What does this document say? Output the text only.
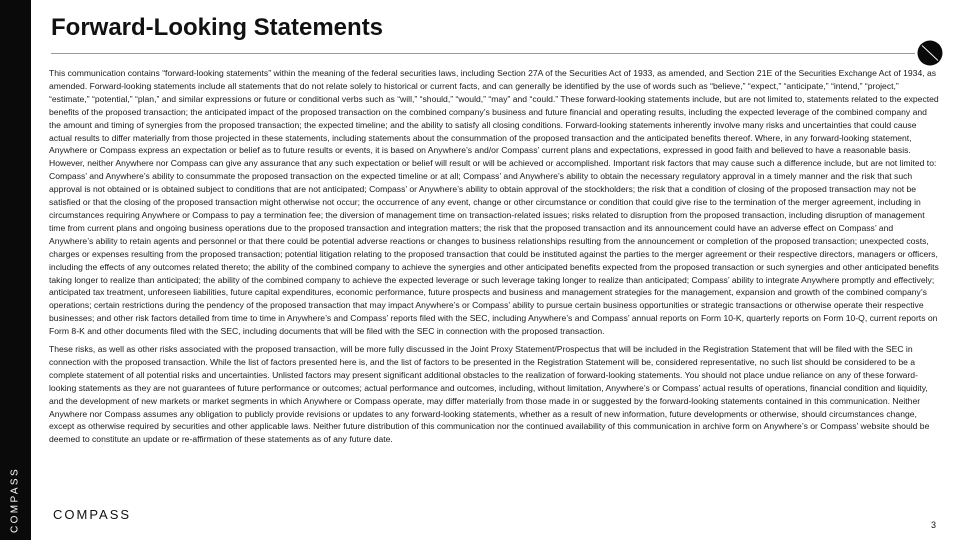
COMPASS
Forward-Looking Statements

This communication contains “forward-looking statements” within the meaning of the federal securities laws, including Section 27A of the Securities Act of 1933, as amended, and Section 21E of the Securities Exchange Act of 1934, as amended. Forward-looking statements include all statements that do not relate solely to historical or current facts, and can generally be identified by the use of words such as “believe,” “expect,” “anticipate,” “intend,” “project,” “estimate,” “potential,” “plan,” and similar expressions or future or conditional verbs such as “will,” “should,” “would,” “may” and “could.” These forward-looking statements include, but are not limited to, statements related to the expected benefits of the proposed transaction; the anticipated impact of the proposed transaction on the combined company’s business and future financial and operating results, including the expected leverage of the combined company and the amount and timing of synergies from the proposed transaction; the expected timeline; and the ability to satisfy all closing conditions. Forward-looking statements inherently involve many risks and uncertainties that could cause actual results to differ materially from those projected in these statements, including statements about the consummation of the proposed transaction and the anticipated benefits thereof. Where, in any forward-looking statement, Anywhere or Compass express an expectation or belief as to future results or events, it is based on Anywhere’s and/or Compass’ current plans and expectations, expressed in good faith and believed to have a reasonable basis. However, neither Anywhere nor Compass can give any assurance that any such expectation or belief will result or will be achieved or accomplished. Important risk factors that may cause such a difference include, but are not limited to: Compass’ and Anywhere’s ability to consummate the proposed transaction on the expected timeline or at all; Compass’ and Anywhere’s ability to obtain the necessary regulatory approval in a timely manner and the risk that such approval is not obtained or is obtained subject to conditions that are not anticipated; Compass’ or Anywhere’s ability to obtain approval of the stockholders; the risk that a condition of closing of the proposed transaction may not be satisfied or that the closing of the proposed transaction might otherwise not occur; the occurrence of any event, change or other circumstance or condition that could give rise to the termination of the merger agreement, including in circumstances requiring Anywhere or Compass to pay a termination fee; the diversion of management time on transaction-related issues; risks related to disruption from the proposed transaction, including disruption of management time from current plans and ongoing business operations due to the proposed transaction and integration matters; the risk that the proposed transaction and its announcement could have an adverse effect on Compass’ and Anywhere’s ability to retain agents and personnel or that there could be potential adverse reactions or changes to business relationships resulting from the announcement or completion of the proposed transaction; unexpected costs, charges or expenses resulting from the proposed transaction; potential litigation relating to the proposed transaction that could be instituted against the parties to the merger agreement or their respective directors, managers or officers, including the effects of any outcomes related thereto; the ability of the combined company to achieve the synergies and other anticipated benefits expected from the proposed transaction or such synergies and other anticipated benefits taking longer to realize than anticipated; the ability of the combined company to achieve the expected leverage or such leverage taking longer to realize than anticipated; Compass’ ability to integrate Anywhere promptly and effectively; anticipated tax treatment, unforeseen liabilities, future capital expenditures, economic performance, future prospects and business and management strategies for the management, expansion and growth of the combined company’s operations; certain restrictions during the pendency of the proposed transaction that may impact Anywhere’s or Compass’ ability to pursue certain business opportunities or strategic transactions or otherwise operate their respective businesses; and other risk factors detailed from time to time in Anywhere’s and Compass’ reports filed with the SEC, including Anywhere’s and Compass’ annual reports on Form 10-K, quarterly reports on Form 10-Q, current reports on Form 8-K and other documents filed with the SEC, including documents that will be filed with the SEC in connection with the proposed transaction.

These risks, as well as other risks associated with the proposed transaction, will be more fully discussed in the Joint Proxy Statement/Prospectus that will be included in the Registration Statement that will be filed with the SEC in connection with the proposed transaction. While the list of factors presented here is, and the list of factors to be presented in the Registration Statement will be, considered representative, no such list should be considered to be a complete statement of all potential risks and uncertainties. Unlisted factors may present significant additional obstacles to the realization of forward-looking statements. You should not place undue reliance on any of these forward-looking statements as they are not guarantees of future performance or outcomes; actual performance and outcomes, including, without limitation, Anywhere’s or Compass’ actual results of operations, financial condition and liquidity, and the development of new markets or market segments in which Anywhere or Compass operate, may differ materially from those made in or suggested by the forward-looking statements contained in this communication. Neither Anywhere nor Compass assumes any obligation to publicly provide revisions or updates to any forward-looking statements, whether as a result of new information, future developments or otherwise, should circumstances change, except as otherwise required by securities and other applicable laws. Neither future distribution of this communication nor the continued availability of this communication in archive form on Anywhere’s or Compass’ website should be deemed to constitute an update or re-affirmation of these statements as of any future date.

COMPASS
3
